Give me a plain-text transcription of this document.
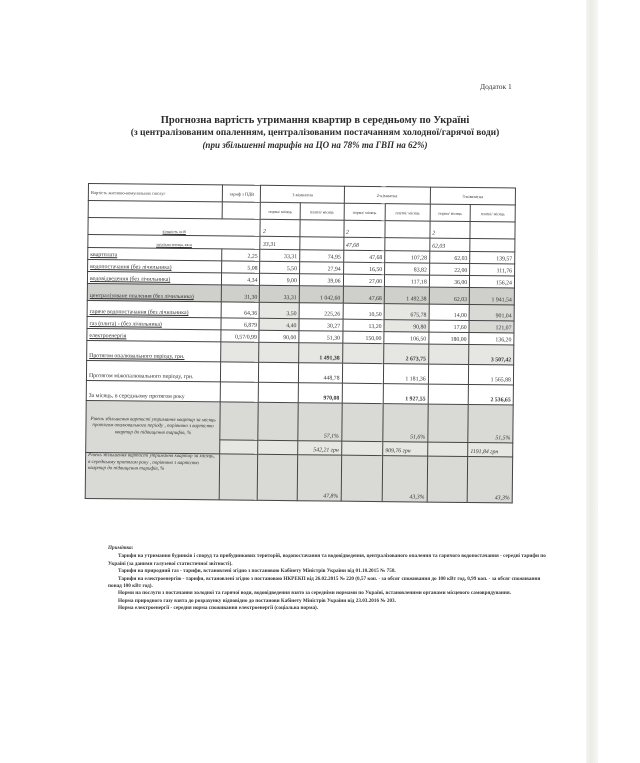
Додаток 1
Прогнозна вартість утримання квартир в середньому по Україні
(з централізованим опаленням, централізованим постачанням холодної/гарячої води)
(при збільшенні тарифів на ЦО на 78% та ГВП на 62%)
Вартість житлово-комунальних послуг	тариф з ПДВ	1-кімнатна		2-кімнатна		3-кімнатна	
		норма/ місяць	платні/ місяць	норма/ місяць	платні/ місяць	норма/ місяць	платні/ місяць
кількість осіб		2		2		2	
загальна площа, кв.м		33,31		47,68		62,03	
квартплата	2,25	33,31	74,95	47,68	107,28	62,03	139,57
водопостачання (без лічильника)	5,08	5,50	27,94	16,50	83,82	22,00	111,76
водовідведення (без лічильника)	4,34	9,00	39,06	27,00	117,18	36,00	156,24
централізоване опалення (без лічильника)	31,30	33,31	1 042,60	47,68	1 492,38	62,03	1 941,54
гаряче водопостачання (без лічильника)	64,36	3,50	225,26	10,50	675,78	14,00	901,04
газ (плита) - (без лічильника)	6,879	4,40	30,27	13,20	90,80	17,60	121,07
електроенергія	0,57/0,99	90,00	51,30	150,00	106,50	180,00	136,20
Протягом опалювального періоду, грн.			1 491,38		2 673,75		3 507,42
Протягом міжопалювального періоду, грн.			448,78		1 181,36		1 565,88
За місяць, в середньому протягом року			970,08		1 927,55		2 536,65
Рівень збільшення вартості утримання квартир за місяць протягом опалювального періоду , порівняно з вартістю квартир до підвищення тарифів, %			57,1%		51,6%		51,5%
			542,21 грн		909,76 грн		1191,84 грн
Рівень збільшення вартості утримання квартир за місяць, в середньому протягом року , порівняно з вартістю квартир до підвищення тарифів, %			47,8%		43,3%		43,3%
Примітка:

Тарифи на утримання будинків і споруд та прибудинкових територій, водопостачання та водовідведення, централізованого опалення та гарячого водопостачання - середні тарифи по Україні (за даними галузевої статистичної звітності).

Тарифи на природний газ - тарифи, встановлені згідно з постановою Кабінету Міністрів України від 01.10.2015 № 758.

Тарифи на електроенергію - тарифи, встановлені згідно з постановою НКРЕКП від 26.02.2015 № 220 (0,57 коп. - за обсяг споживання до 100 кВт год, 0,99 коп. - за обсяг споживання понад 100 кВт год).

Норми на послуги з постачання холодної та гарячої води, водовідведення взято за середніми нормами по Україні, встановленими органами місцевого самоврядування.

Норма природного газу взята до розрахунку відповідно до постанови Кабінету Міністрів України від 23.03.2016 № 203.

Норма електроенергії - середня норма споживання електроенергії (соціальна норма).
